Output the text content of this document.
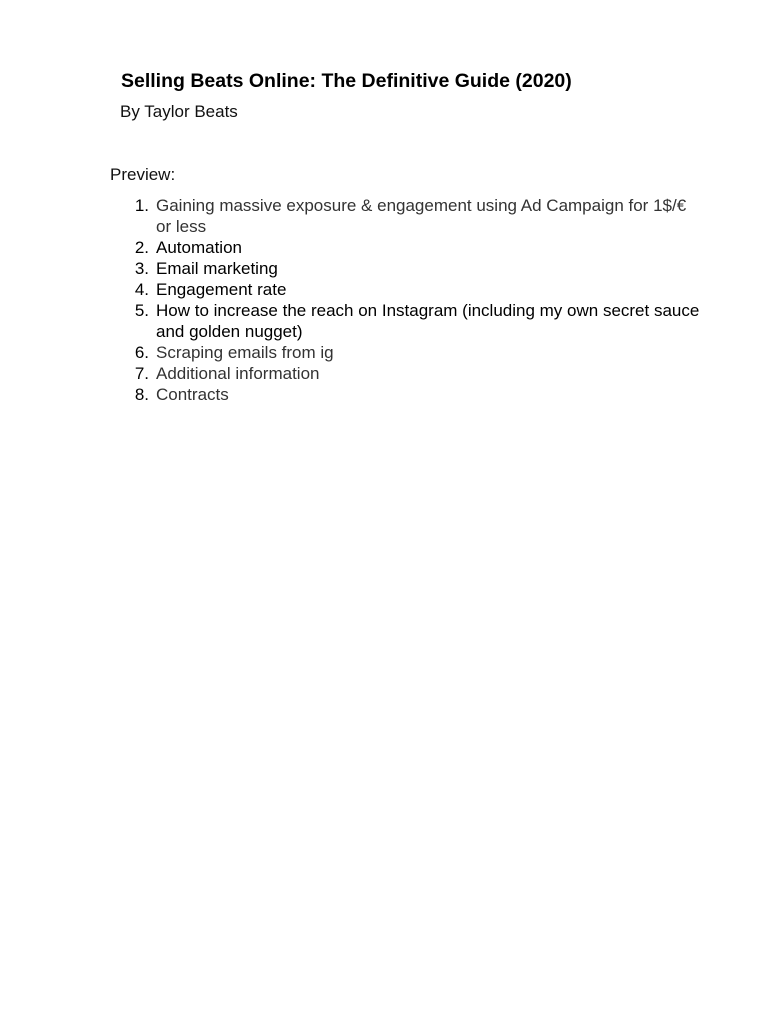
Selling Beats Online: The Definitive Guide (2020)

By Taylor Beats

Preview:

1. Gaining massive exposure & engagement using Ad Campaign for 1$/€ or less
2. Automation
3. Email marketing
4. Engagement rate
5. How to increase the reach on Instagram (including my own secret sauce and golden nugget)
6. Scraping emails from ig
7. Additional information
8. Contracts
